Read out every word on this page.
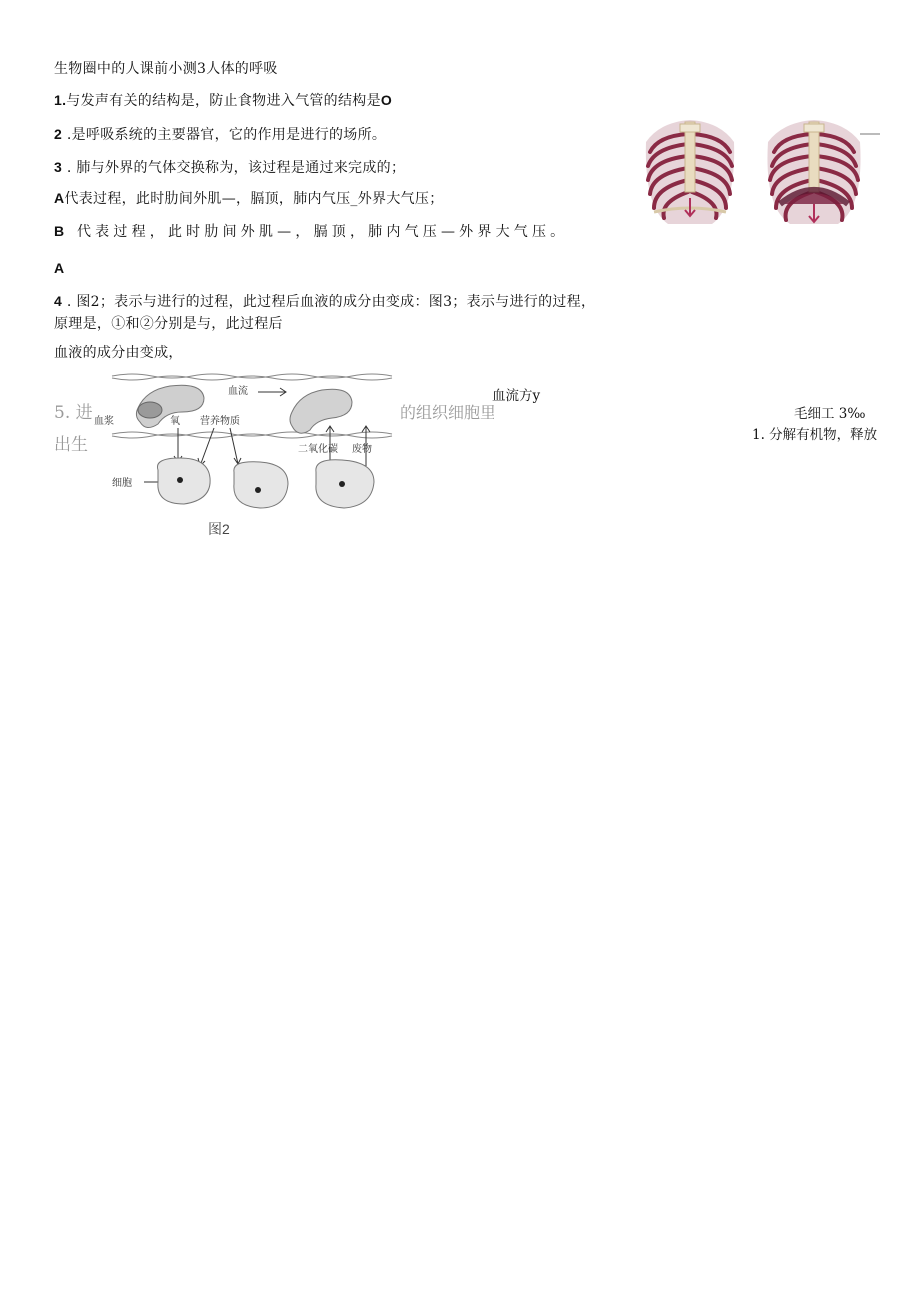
生物圈中的人课前小测3人体的呼吸
1.与发声有关的结构是，防止食物进入气管的结构是O
2 .是呼吸系统的主要器官，它的作用是进行的场所。
3 . 肺与外界的气体交换称为，该过程是通过来完成的；
A代表过程，此时肋间外肌—，膈顶，肺内气压_外界大气压；
B 代表过程，此时肋间外肌—，膈顶，肺内气压—外界大气压。
A
4 . 图2；表示与进行的过程，此过程后血液的成分由变成：图3；表示与进行的过程，
原理是，①和②分别是与，此过程后
血液的成分由变成，
5. 进
出生
的组织细胞里
血流
血浆	氧 营养物质
二氧化碳 废物
细胞
图2
血流方y
毛细工 3‰
1. 分解有机物，释放
